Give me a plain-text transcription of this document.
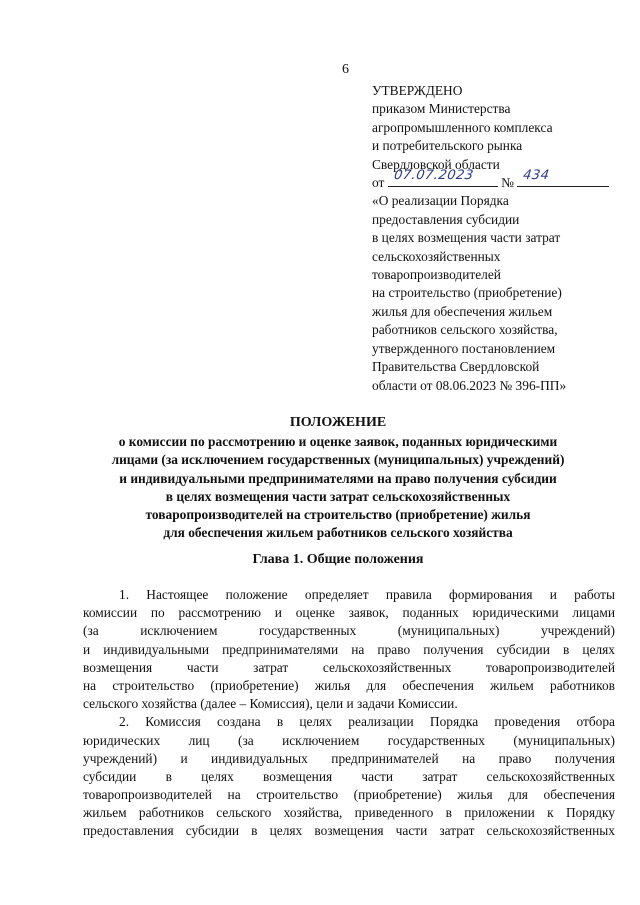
6
УТВЕРЖДЕНО
приказом Министерства
агропромышленного комплекса
и потребительского рынка
Свердловской области
от 07.07.2023 № 434
«О реализации Порядка
предоставления субсидии
в целях возмещения части затрат
сельскохозяйственных
товаропроизводителей
на строительство (приобретение)
жилья для обеспечения жильем
работников сельского хозяйства,
утвержденного постановлением
Правительства Свердловской
области от 08.06.2023 № 396-ПП»
ПОЛОЖЕНИЕ
о комиссии по рассмотрению и оценке заявок, поданных юридическими
лицами (за исключением государственных (муниципальных) учреждений)
и индивидуальными предпринимателями на право получения субсидии
в целях возмещения части затрат сельскохозяйственных
товаропроизводителей на строительство (приобретение) жилья
для обеспечения жильем работников сельского хозяйства
Глава 1. Общие положения
1. Настоящее положение определяет правила формирования и работы
комиссии по рассмотрению и оценке заявок, поданных юридическими лицами
(за исключением государственных (муниципальных) учреждений)
и индивидуальными предпринимателями на право получения субсидии в целях
возмещения части затрат сельскохозяйственных товаропроизводителей
на строительство (приобретение) жилья для обеспечения жильем работников
сельского хозяйства (далее – Комиссия), цели и задачи Комиссии.
2. Комиссия создана в целях реализации Порядка проведения отбора
юридических лиц (за исключением государственных (муниципальных)
учреждений) и индивидуальных предпринимателей на право получения
субсидии в целях возмещения части затрат сельскохозяйственных
товаропроизводителей на строительство (приобретение) жилья для обеспечения
жильем работников сельского хозяйства, приведенного в приложении к Порядку
предоставления субсидии в целях возмещения части затрат сельскохозяйственных
